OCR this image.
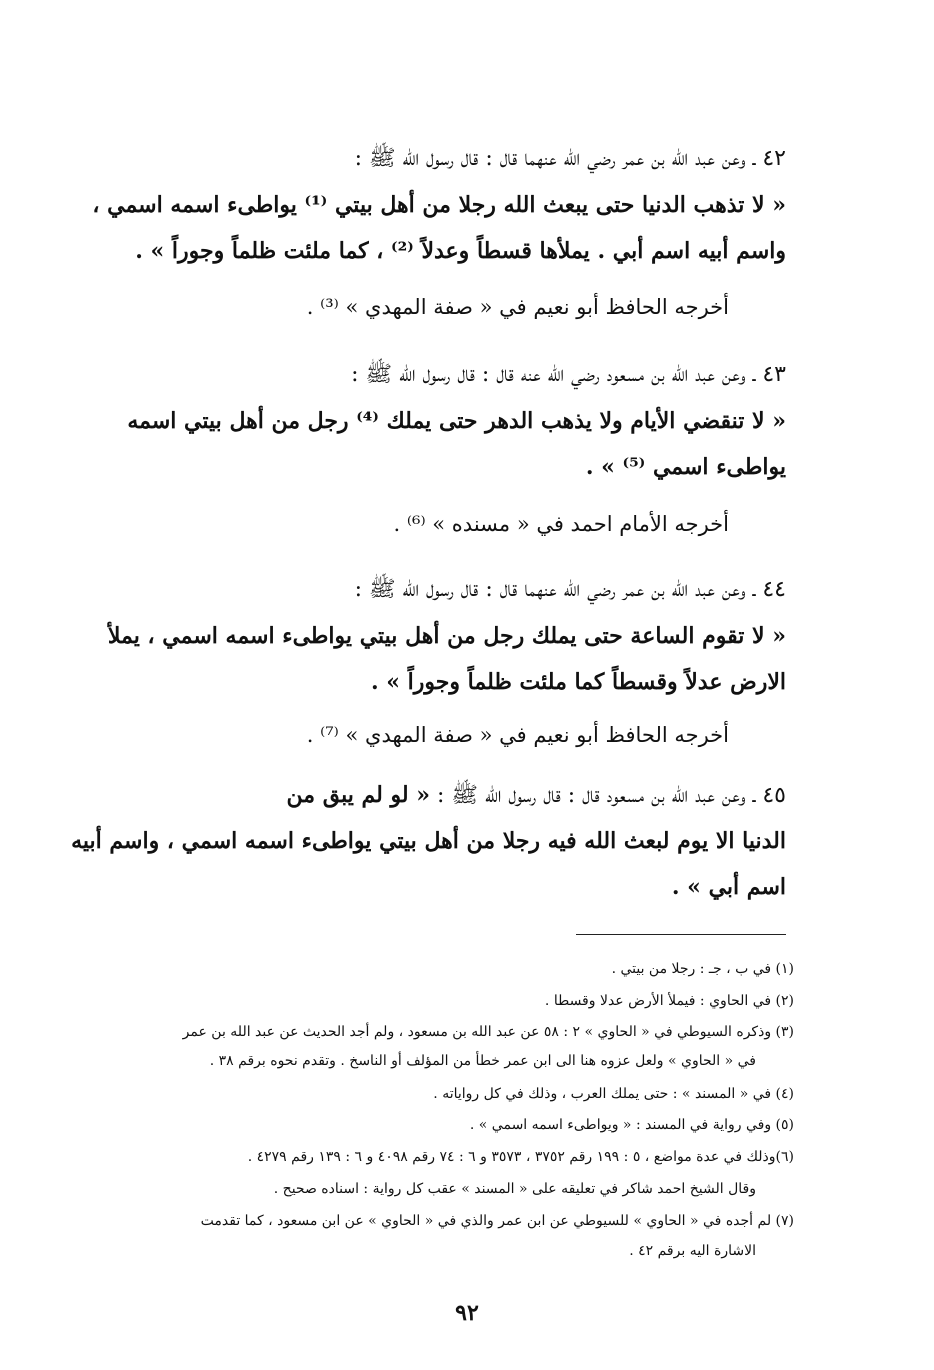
٤٢ ـ وعن عبد الله بن عمر رضي الله عنهما قال : قال رسول الله ﷺ :
« لا تذهب الدنيا حتى يبعث الله رجلا من أهل بيتي ⁽¹⁾ يواطىء اسمه اسمي ،
واسم أبيه اسم أبي . يملأها قسطاً وعدلاً ⁽²⁾ ، كما ملئت ظلماً وجوراً » .
أخرجه الحافظ أبو نعيم في « صفة المهدي » ⁽³⁾ .
٤٣ ـ وعن عبد الله بن مسعود رضي الله عنه قال : قال رسول الله ﷺ :
« لا تنقضي الأيام ولا يذهب الدهر حتى يملك ⁽⁴⁾ رجل من أهل بيتي اسمه
يواطىء اسمي ⁽⁵⁾ » .
أخرجه الأمام احمد في « مسنده » ⁽⁶⁾ .
٤٤ ـ وعن عبد الله بن عمر رضي الله عنهما قال : قال رسول الله ﷺ :
« لا تقوم الساعة حتى يملك رجل من أهل بيتي يواطىء اسمه اسمي ، يملأ
الارض عدلاً وقسطاً كما ملئت ظلماً وجوراً » .
أخرجه الحافظ أبو نعيم في « صفة المهدي » ⁽⁷⁾ .
٤٥ ـ وعن عبد الله بن مسعود قال : قال رسول الله ﷺ : « لو لم يبق من
الدنيا الا يوم لبعث الله فيه رجلا من أهل بيتي يواطىء اسمه اسمي ، واسم أبيه
اسم أبي » .
(١) في ب ، جـ : رجلا من بيتي .
(٢) في الحاوي : فيملأ الأرض عدلا وقسطا .
(٣) وذكره السيوطي في « الحاوي » ٢ : ٥٨ عن عبد الله بن مسعود ، ولم أجد الحديث عن عبد الله بن عمر
في « الحاوي » ولعل عزوه هنا الى ابن عمر خطأ من المؤلف أو الناسخ . وتقدم نحوه برقم ٣٨ .
(٤) في « المسند » : حتى يملك العرب ، وذلك في كل رواياته .
(٥) وفي رواية في المسند : « ويواطىء اسمه اسمي » .
(٦)وذلك في عدة مواضع ، ٥ : ١٩٩ رقم ٣٧٥٢ ، ٣٥٧٣ و ٦ : ٧٤ رقم ٤٠٩٨ و ٦ : ١٣٩ رقم ٤٢٧٩ .
وقال الشيخ احمد شاكر في تعليقه على « المسند » عقب كل رواية : اسناده صحيح .
(٧) لم أجده في « الحاوي » للسيوطي عن ابن عمر والذي في « الحاوي » عن ابن مسعود ، كما تقدمت
الاشارة اليه برقم ٤٢ .
٩٢
